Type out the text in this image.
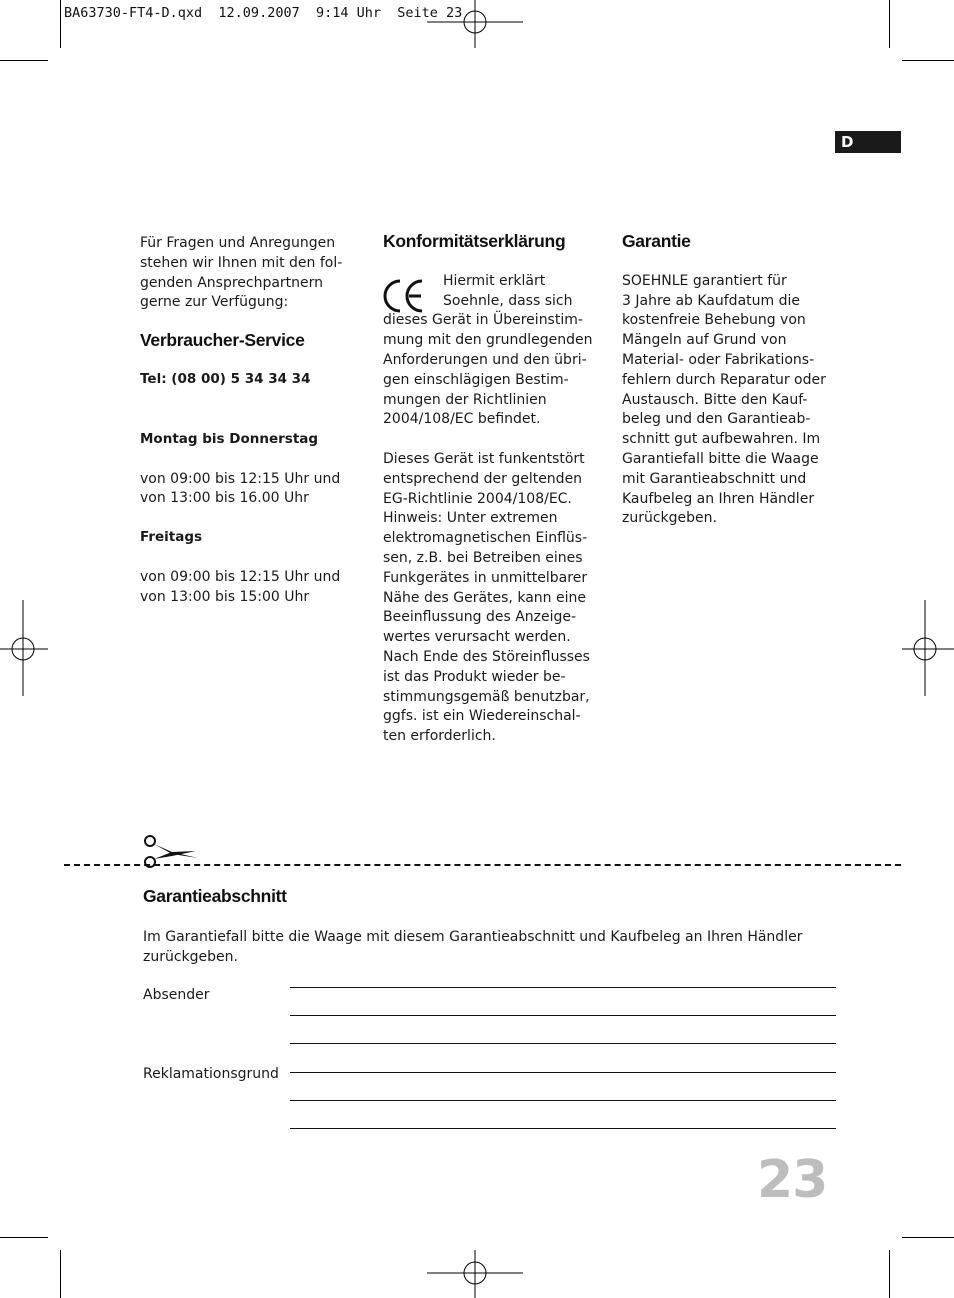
BA63730-FT4-D.qxd  12.09.2007  9:14 Uhr  Seite 23
D

Für Fragen und Anregungen
stehen wir Ihnen mit den fol-
genden Ansprechpartnern
gerne zur Verfügung:

Verbraucher-Service

Tel: (08 00) 5 34 34 34

Montag bis Donnerstag

von 09:00 bis 12:15 Uhr und
von 13:00 bis 16.00 Uhr

Freitags

von 09:00 bis 12:15 Uhr und
von 13:00 bis 15:00 Uhr

Konformitätserklärung

Hiermit erklärt
Soehnle, dass sich

dieses Gerät in Übereinstim-
mung mit den grundlegenden
Anforderungen und den übri-
gen einschlägigen Bestim-
mungen der Richtlinien
2004/108/EC befindet.

Dieses Gerät ist funkentstört
entsprechend der geltenden
EG-Richtlinie 2004/108/EC.
Hinweis: Unter extremen
elektromagnetischen Einflüs-
sen, z.B. bei Betreiben eines
Funkgerätes in unmittelbarer
Nähe des Gerätes, kann eine
Beeinflussung des Anzeige-
wertes verursacht werden.
Nach Ende des Störeinflusses
ist das Produkt wieder be-
stimmungsgemäß benutzbar,
ggfs. ist ein Wiedereinschal-
ten erforderlich.

Garantie

SOEHNLE garantiert für
3 Jahre ab Kaufdatum die
kostenfreie Behebung von
Mängeln auf Grund von
Material- oder Fabrikations-
fehlern durch Reparatur oder
Austausch. Bitte den Kauf-
beleg und den Garantieab-
schnitt gut aufbewahren. Im
Garantiefall bitte die Waage
mit Garantieabschnitt und
Kaufbeleg an Ihren Händler
zurückgeben.

Garantieabschnitt

Im Garantiefall bitte die Waage mit diesem Garantieabschnitt und Kaufbeleg an Ihren Händler
zurückgeben.

Absender

Reklamationsgrund

23
